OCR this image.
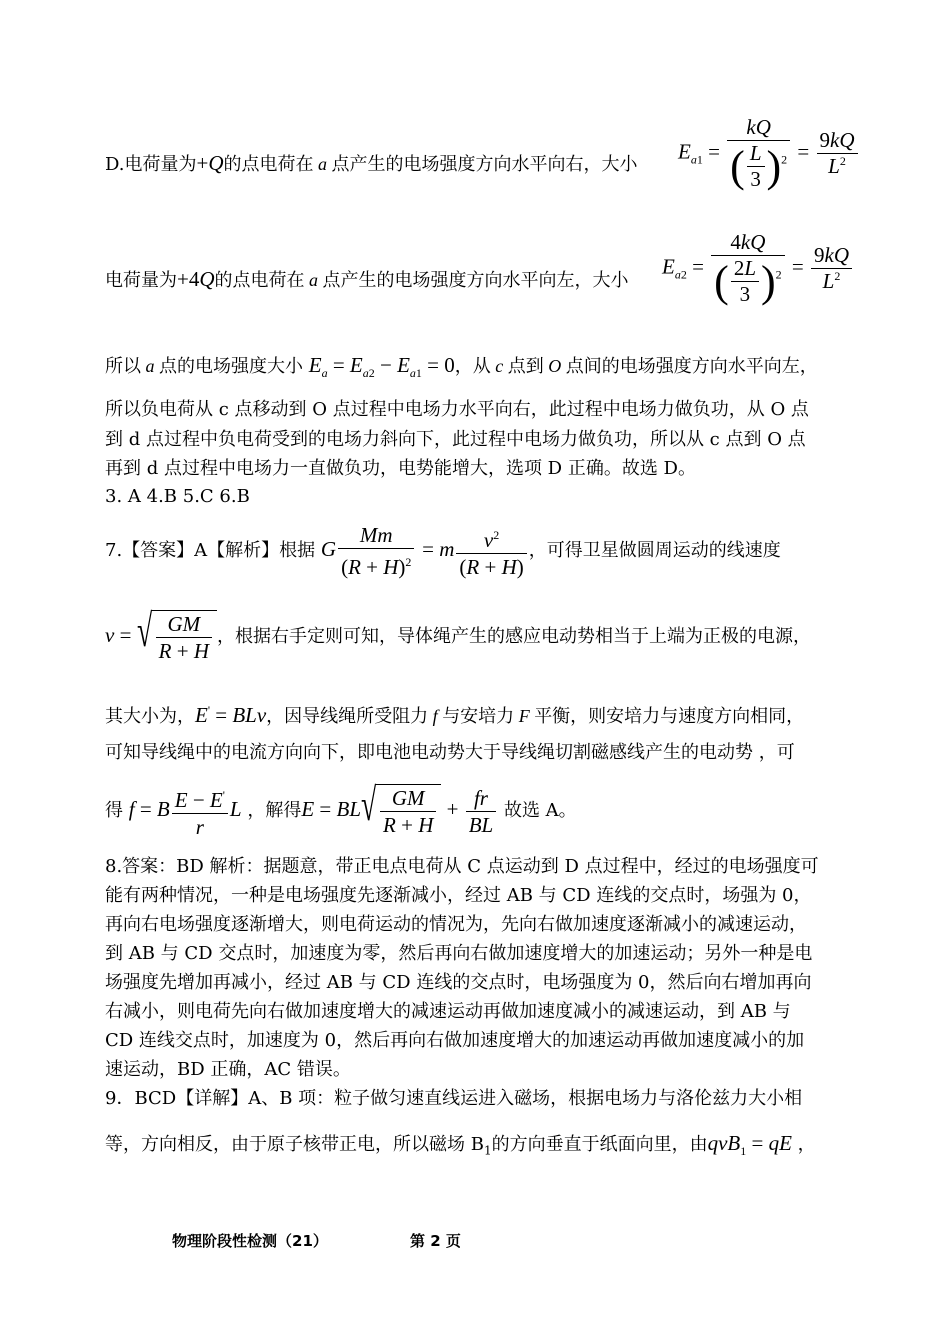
D.电荷量为+Q的点电荷在 a 点产生的电场强度方向水平向右，大小
$E_{a1} = \frac{kQ}{( \frac{L}{3} )^2} = \frac{9kQ}{L^2}$
电荷量为+4Q的点电荷在 a 点产生的电场强度方向水平向左，大小
$E_{a2} = \frac{4kQ}{( \frac{2L}{3} )^2} = \frac{9kQ}{L^2}$
所以 a 点的电场强度大小 $E_a = E_{a2} - E_{a1} = 0$，从 c 点到 O 点间的电场强度方向水平向左，
所以负电荷从 c 点移动到 O 点过程中电场力水平向右，此过程中电场力做负功，从 O 点
到 d 点过程中负电荷受到的电场力斜向下，此过程中电场力做负功，所以从 c 点到 O 点
再到 d 点过程中电场力一直做负功，电势能增大，选项 D 正确。故选 D。
3. A 4.B 5.C 6.B
7.【答案】A【解析】根据 G $\frac{Mm}{(R + H)^2} = m \frac{v^2}{(R + H)}$ ，可得卫星做圆周运动的线速度
v = √ $\frac{GM}{R + H}$ ，根据右手定则可知，导体绳产生的感应电动势相当于上端为正极的电源，
其大小为，E' = BLv，因导线绳所受阻力 f 与安培力 F 平衡，则安培力与速度方向相同，
可知导线绳中的电流方向向下，即电池电动势大于导线绳切割磁感线产生的电动势 ，可
得 f = B $\frac{E - E'}{r}$ L ，解得E = BL √ $\frac{GM}{R + H} + \frac{fr}{BL}$ 故选 A。
8.答案：BD 解析：据题意，带正电点电荷从 C 点运动到 D 点过程中，经过的电场强度可
能有两种情况，一种是电场强度先逐渐减小，经过 AB 与 CD 连线的交点时，场强为 0，
再向右电场强度逐渐增大，则电荷运动的情况为，先向右做加速度逐渐减小的减速运动，
到 AB 与 CD 交点时，加速度为零，然后再向右做加速度增大的加速运动；另外一种是电
场强度先增加再减小，经过 AB 与 CD 连线的交点时，电场强度为 0，然后向右增加再向
右减小，则电荷先向右做加速度增大的减速运动再做加速度减小的减速运动，到 AB 与
CD 连线交点时，加速度为 0，然后再向右做加速度增大的加速运动再做加速度减小的加
速运动，BD 正确，AC 错误。
9．BCD【详解】A、B 项：粒子做匀速直线运进入磁场，根据电场力与洛伦兹力大小相
等，方向相反，由于原子核带正电，所以磁场 $B_1$的方向垂直于纸面向里，由qvB$_1$ = qE ，
物理阶段性检测（21）	第 2 页
